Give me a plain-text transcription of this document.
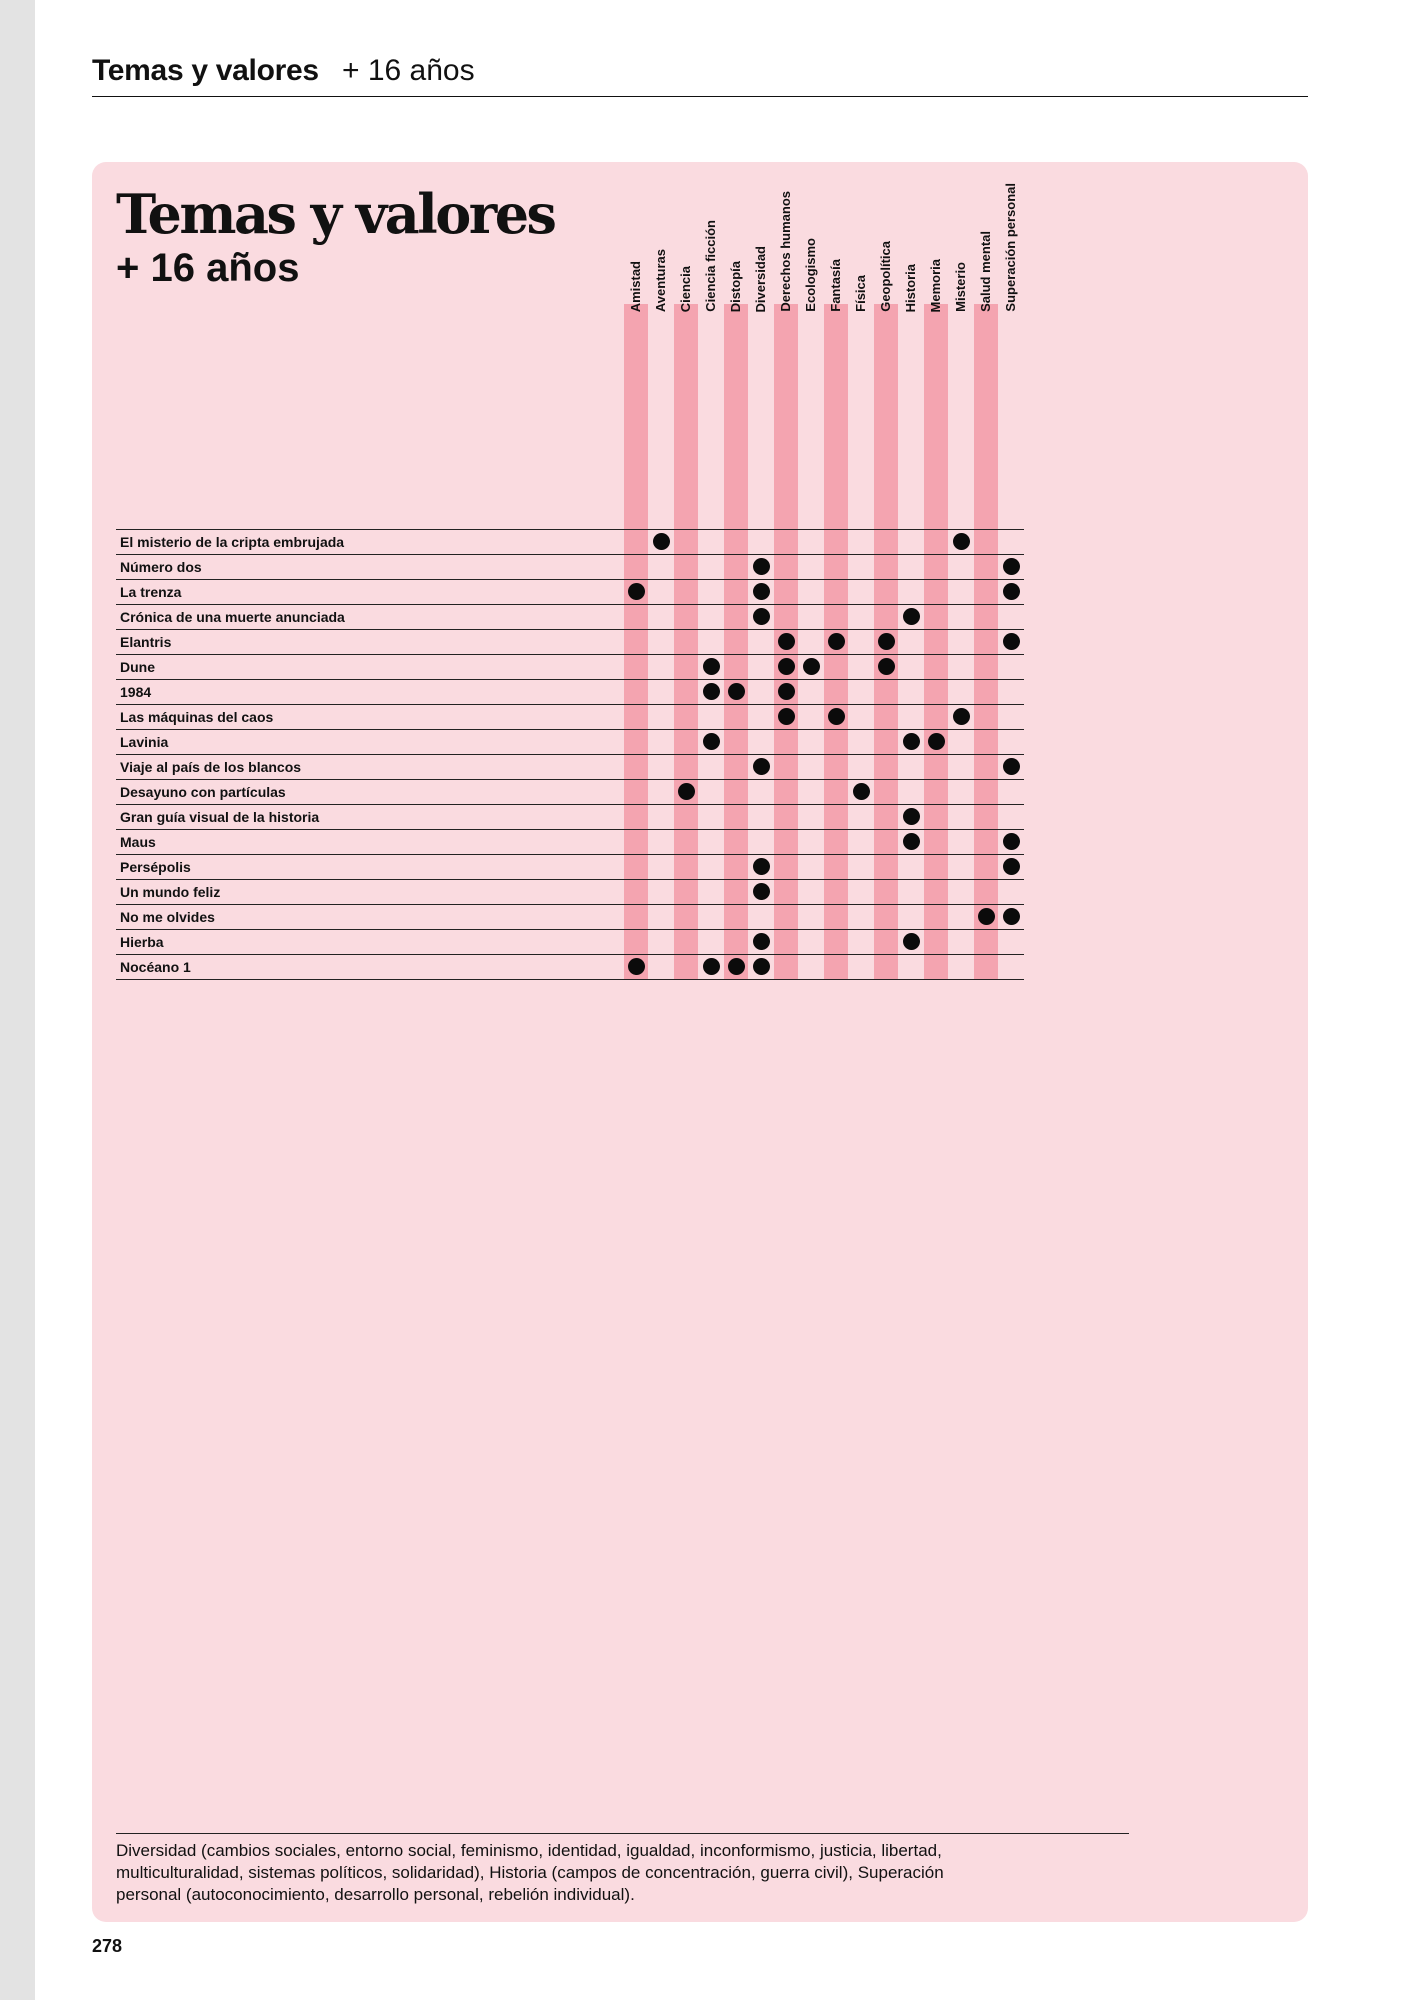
Temas y valores + 16 años
Temas y valores
+ 16 años	Amistad Aventuras Ciencia Ciencia ficción Distopía Diversidad Derechos humanos Ecologismo Fantasía Física Geopolítica Historia Memoria Misterio Salud mental Superación personal
El misterio de la cripta embrujada
Número dos
La trenza
Crónica de una muerte anunciada
Elantris
Dune
1984
Las máquinas del caos
Lavinia
Viaje al país de los blancos
Desayuno con partículas
Gran guía visual de la historia
Maus
Persépolis
Un mundo feliz
No me olvides
Hierba
Nocéano 1
Diversidad (cambios sociales, entorno social, feminismo, identidad, igualdad, inconformismo, justicia, libertad, multiculturalidad, sistemas políticos, solidaridad), Historia (campos de concentración, guerra civil), Superación personal (autoconocimiento, desarrollo personal, rebelión individual).
278
